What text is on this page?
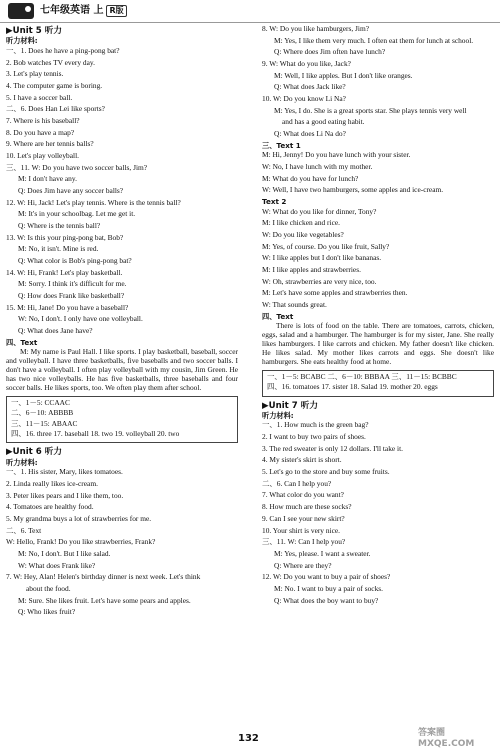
七年级英语 上 R版
▶Unit 5 听力
听力材料:
一、1. Does he have a ping-pong bat?
2. Bob watches TV every day.
3. Let's play tennis.
4. The computer game is boring.
5. I have a soccer ball.
二、6. Does Han Lei like sports?
7. Where is his baseball?
8. Do you have a map?
9. Where are her tennis balls?
10. Let's play volleyball.
三、11. W: Do you have two soccer balls, Jim?
M: I don't have any.
Q: Does Jim have any soccer balls?
12. W: Hi, Jack! Let's play tennis. Where is the tennis ball?
M: It's in your schoolbag. Let me get it.
Q: Where is the tennis ball?
13. W: Is this your ping-pong bat, Bob?
M: No, it isn't. Mine is red.
Q: What color is Bob's ping-pong bat?
14. W: Hi, Frank! Let's play basketball.
M: Sorry. I think it's difficult for me.
Q: How does Frank like basketball?
15. M: Hi, Jane! Do you have a baseball?
W: No, I don't. I only have one volleyball.
Q: What does Jane have?
四、Text
M: My name is Paul Hall. I like sports. I play basketball, baseball, soccer and volleyball. I have three basketballs, five baseballs and two soccer balls. I don't have a volleyball. I often play volleyball with my cousin, Jim Green. He has two nice volleyballs. He has five basketballs, three baseballs and four soccer balls. He likes sports, too. We often play them after school.
一、1－5: CCAAC
二、6－10: ABBBB
三、11－15: ABAAC
四、16. three 17. baseball 18. two 19. volleyball 20. two
▶Unit 6 听力
听力材料:
一、1. His sister, Mary, likes tomatoes.
2. Linda really likes ice-cream.
3. Peter likes pears and I like them, too.
4. Tomatoes are healthy food.
5. My grandma buys a lot of strawberries for me.
二、6. Text
W: Hello, Frank! Do you like strawberries, Frank?
M: No, I don't. But I like salad.
W: What does Frank like?
7. W: Hey, Alan! Helen's birthday dinner is next week. Let's think
about the food.
M: Sure. She likes fruit. Let's have some pears and apples.
Q: Who likes fruit?
8. W: Do you like hamburgers, Jim?
M: Yes, I like them very much. I often eat them for lunch at school.
Q: Where does Jim often have lunch?
9. W: What do you like, Jack?
M: Well, I like apples. But I don't like oranges.
Q: What does Jack like?
10. W: Do you know Li Na?
M: Yes, I do. She is a great sports star. She plays tennis very well
and has a good eating habit.
Q: What does Li Na do?
三、Text 1
M: Hi, Jenny! Do you have lunch with your sister.
W: No, I have lunch with my mother.
M: What do you have for lunch?
W: Well, I have two hamburgers, some apples and ice-cream.
Text 2
W: What do you like for dinner, Tony?
M: I like chicken and rice.
W: Do you like vegetables?
M: Yes, of course. Do you like fruit, Sally?
W: I like apples but I don't like bananas.
M: I like apples and strawberries.
W: Oh, strawberries are very nice, too.
M: Let's have some apples and strawberries then.
W: That sounds great.
四、Text
There is lots of food on the table. There are tomatoes, carrots, chicken, eggs, salad and a hamburger. The hamburger is for my sister, Jane. She really likes hamburgers. I like carrots and chicken. My father doesn't like chicken. He likes salad. My mother likes carrots and eggs. She doesn't like hamburgers. She eats healthy food at home.
一、1－5: BCABC 二、6－10: BBBAA 三、11－15: BCBBC
四、16. tomatoes 17. sister 18. Salad 19. mother 20. eggs
▶Unit 7 听力
听力材料:
一、1. How much is the green bag?
2. I want to buy two pairs of shoes.
3. The red sweater is only 12 dollars. I'll take it.
4. My sister's skirt is short.
5. Let's go to the store and buy some fruits.
二、6. Can I help you?
7. What color do you want?
8. How much are these socks?
9. Can I see your new skirt?
10. Your shirt is very nice.
三、11. W: Can I help you?
M: Yes, please. I want a sweater.
Q: Where are they?
12. W: Do you want to buy a pair of shoes?
M: No. I want to buy a pair of socks.
Q: What does the boy want to buy?
132	答案圈 MXQE.COM
